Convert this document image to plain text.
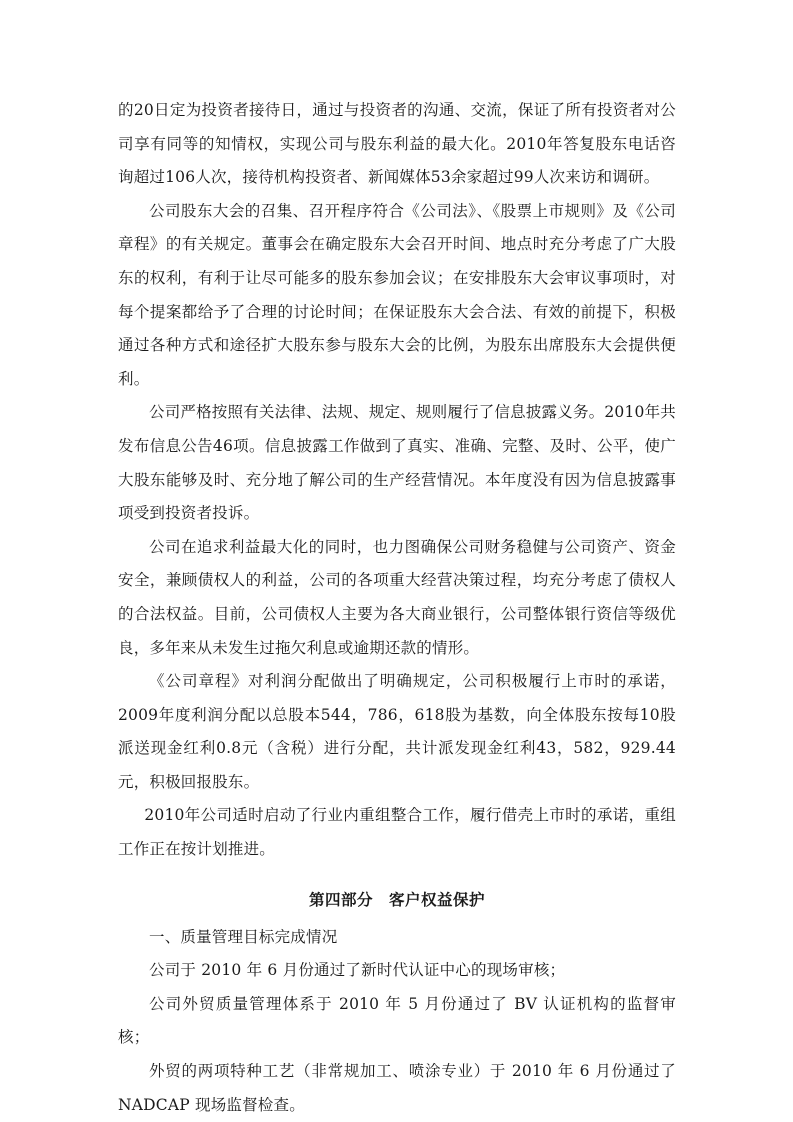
的20日定为投资者接待日，通过与投资者的沟通、交流，保证了所有投资者对公司享有同等的知情权，实现公司与股东利益的最大化。2010年答复股东电话咨询超过106人次，接待机构投资者、新闻媒体53余家超过99人次来访和调研。

公司股东大会的召集、召开程序符合《公司法》、《股票上市规则》及《公司章程》的有关规定。董事会在确定股东大会召开时间、地点时充分考虑了广大股东的权利，有利于让尽可能多的股东参加会议；在安排股东大会审议事项时，对每个提案都给予了合理的讨论时间；在保证股东大会合法、有效的前提下，积极通过各种方式和途径扩大股东参与股东大会的比例，为股东出席股东大会提供便利。

公司严格按照有关法律、法规、规定、规则履行了信息披露义务。2010年共发布信息公告46项。信息披露工作做到了真实、准确、完整、及时、公平，使广大股东能够及时、充分地了解公司的生产经营情况。本年度没有因为信息披露事项受到投资者投诉。

公司在追求利益最大化的同时，也力图确保公司财务稳健与公司资产、资金安全，兼顾债权人的利益，公司的各项重大经营决策过程，均充分考虑了债权人的合法权益。目前，公司债权人主要为各大商业银行，公司整体银行资信等级优良，多年来从未发生过拖欠利息或逾期还款的情形。

《公司章程》对利润分配做出了明确规定，公司积极履行上市时的承诺，2009年度利润分配以总股本544，786，618股为基数，向全体股东按每10股派送现金红利0.8元（含税）进行分配，共计派发现金红利43，582，929.44元，积极回报股东。

2010年公司适时启动了行业内重组整合工作，履行借壳上市时的承诺，重组工作正在按计划推进。

第四部分　客户权益保护

一、质量管理目标完成情况

公司于 2010 年 6 月份通过了新时代认证中心的现场审核；

公司外贸质量管理体系于 2010 年 5 月份通过了 BV 认证机构的监督审核；

外贸的两项特种工艺（非常规加工、喷涂专业）于 2010 年 6 月份通过了 NADCAP 现场监督检查。
